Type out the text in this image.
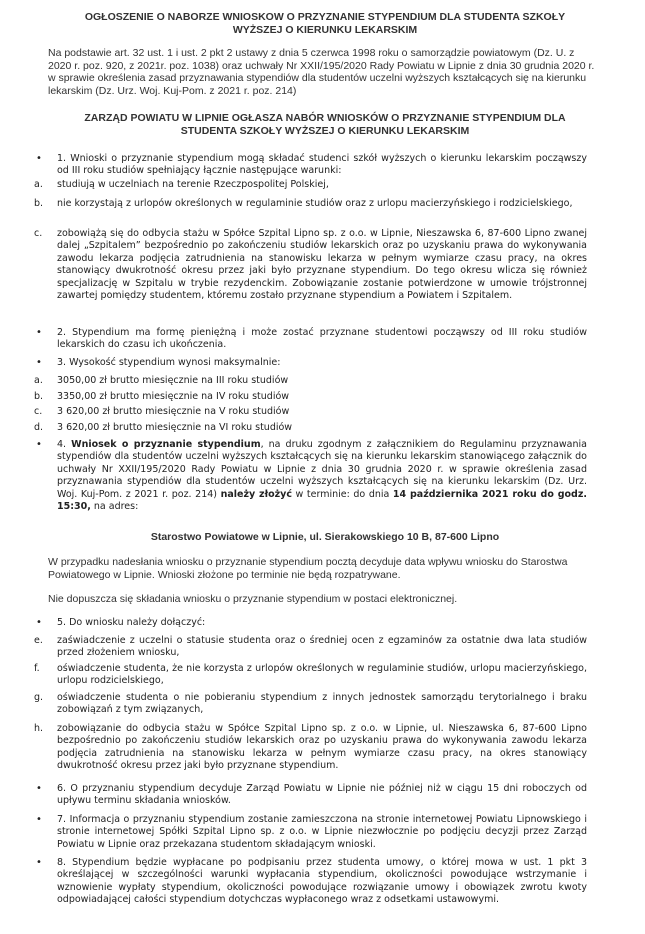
OGŁOSZENIE O NABORZE WNIOSKOW O PRZYZNANIE STYPENDIUM DLA STUDENTA SZKOŁY
WYŻSZEJ O KIERUNKU LEKARSKIM
Na podstawie art. 32 ust. 1 i ust. 2 pkt 2 ustawy z dnia 5 czerwca 1998 roku o samorządzie powiatowym (Dz. U. z 2020 r. poz. 920, z 2021r. poz. 1038) oraz uchwały Nr XXII/195/2020 Rady Powiatu w Lipnie z dnia 30 grudnia 2020 r. w sprawie określenia zasad przyznawania stypendiów dla studentów uczelni wyższych kształcących się na kierunku lekarskim (Dz. Urz. Woj. Kuj-Pom. z 2021 r. poz. 214)
ZARZĄD POWIATU W LIPNIE OGŁASZA NABÓR WNIOSKÓW O PRZYZNANIE STYPENDIUM DLA
STUDENTA SZKOŁY WYŻSZEJ O KIERUNKU LEKARSKIM
• 1. Wnioski o przyznanie stypendium mogą składać studenci szkół wyższych o kierunku lekarskim począwszy od III roku studiów spełniający łącznie następujące warunki:
a. studiują w uczelniach na terenie Rzeczpospolitej Polskiej,
b. nie korzystają z urlopów określonych w regulaminie studiów oraz z urlopu macierzyńskiego i rodzicielskiego,
c. zobowiążą się do odbycia stażu w Spółce Szpital Lipno sp. z o.o. w Lipnie, Nieszawska 6, 87-600 Lipno zwanej dalej „Szpitalem” bezpośrednio po zakończeniu studiów lekarskich oraz po uzyskaniu prawa do wykonywania zawodu lekarza podjęcia zatrudnienia na stanowisku lekarza w pełnym wymiarze czasu pracy, na okres stanowiący dwukrotność okresu przez jaki było przyznane stypendium. Do tego okresu wlicza się również specjalizację w Szpitalu w trybie rezydenckim. Zobowiązanie zostanie potwierdzone w umowie trójstronnej zawartej pomiędzy studentem, któremu zostało przyznane stypendium a Powiatem i Szpitalem.
• 2. Stypendium ma formę pieniężną i może zostać przyznane studentowi począwszy od III roku studiów lekarskich do czasu ich ukończenia.
• 3. Wysokość stypendium wynosi maksymalnie:
a. 3050,00 zł brutto miesięcznie na III roku studiów
b. 3350,00 zł brutto miesięcznie na IV roku studiów
c. 3 620,00 zł brutto miesięcznie na V roku studiów
d. 3 620,00 zł brutto miesięcznie na VI roku studiów
• 4. Wniosek o przyznanie stypendium, na druku zgodnym z załącznikiem do Regulaminu przyznawania stypendiów dla studentów uczelni wyższych kształcących się na kierunku lekarskim stanowiącego załącznik do uchwały Nr XXII/195/2020 Rady Powiatu w Lipnie z dnia 30 grudnia 2020 r. w sprawie określenia zasad przyznawania stypendiów dla studentów uczelni wyższych kształcących się na kierunku lekarskim (Dz. Urz. Woj. Kuj-Pom. z 2021 r. poz. 214) należy złożyć w terminie: do dnia 14 października 2021 roku do godz. 15:30, na adres:
Starostwo Powiatowe w Lipnie, ul. Sierakowskiego 10 B, 87-600 Lipno
W przypadku nadesłania wniosku o przyznanie stypendium pocztą decyduje data wpływu wniosku do Starostwa Powiatowego w Lipnie. Wnioski złożone po terminie nie będą rozpatrywane.
Nie dopuszcza się składania wniosku o przyznanie stypendium w postaci elektronicznej.
• 5. Do wniosku należy dołączyć:
e. zaświadczenie z uczelni o statusie studenta oraz o średniej ocen z egzaminów za ostatnie dwa lata studiów przed złożeniem wniosku,
f. oświadczenie studenta, że nie korzysta z urlopów określonych w regulaminie studiów, urlopu macierzyńskiego, urlopu rodzicielskiego,
g. oświadczenie studenta o nie pobieraniu stypendium z innych jednostek samorządu terytorialnego i braku zobowiązań z tym związanych,
h. zobowiązanie do odbycia stażu w Spółce Szpital Lipno sp. z o.o. w Lipnie, ul. Nieszawska 6, 87-600 Lipno bezpośrednio po zakończeniu studiów lekarskich oraz po uzyskaniu prawa do wykonywania zawodu lekarza podjęcia zatrudnienia na stanowisku lekarza w pełnym wymiarze czasu pracy, na okres stanowiący dwukrotność okresu przez jaki było przyznane stypendium.
• 6. O przyznaniu stypendium decyduje Zarząd Powiatu w Lipnie nie później niż w ciągu 15 dni roboczych od upływu terminu składania wniosków.
• 7. Informacja o przyznaniu stypendium zostanie zamieszczona na stronie internetowej Powiatu Lipnowskiego i stronie internetowej Spółki Szpital Lipno sp. z o.o. w Lipnie niezwłocznie po podjęciu decyzji przez Zarząd Powiatu w Lipnie oraz przekazana studentom składającym wnioski.
• 8. Stypendium będzie wypłacane po podpisaniu przez studenta umowy, o której mowa w ust. 1 pkt 3 określającej w szczególności warunki wypłacania stypendium, okoliczności powodujące wstrzymanie i wznowienie wypłaty stypendium, okoliczności powodujące rozwiązanie umowy i obowiązek zwrotu kwoty odpowiadającej całości stypendium dotychczas wypłaconego wraz z odsetkami ustawowymi.
